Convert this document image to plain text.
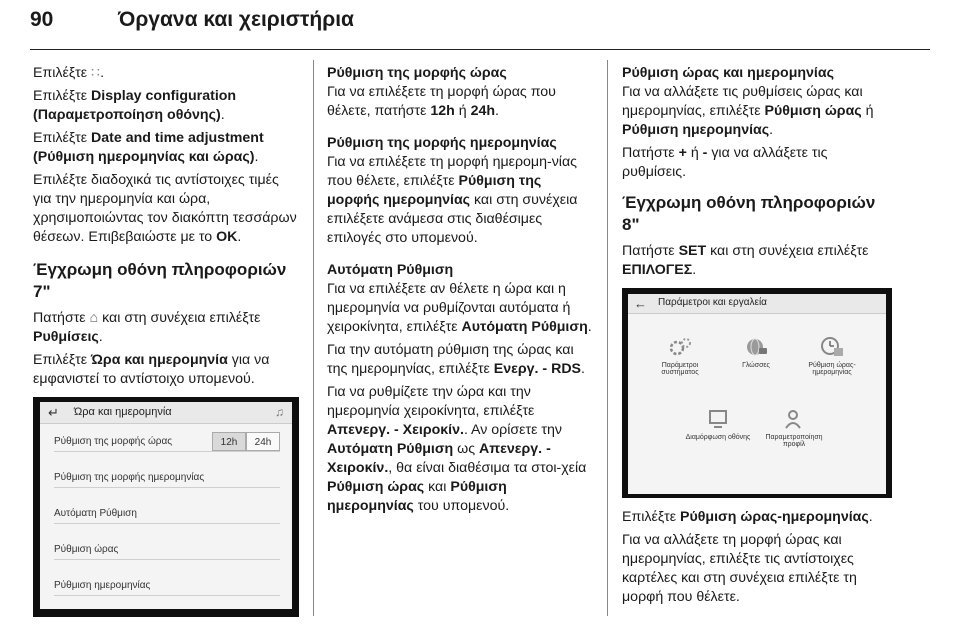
90	Όργανα και χειριστήρια

Επιλέξτε ∷.

Επιλέξτε Display configuration (Παραμετροποίηση οθόνης).

Επιλέξτε Date and time adjustment (Ρύθμιση ημερομηνίας και ώρας).

Επιλέξτε διαδοχικά τις αντίστοιχες τιμές για την ημερομηνία και ώρα, χρησιμοποιώντας τον διακόπτη τεσσάρων θέσεων. Επιβεβαιώστε με το OK.

Έγχρωμη οθόνη πληροφοριών 7"

Πατήστε ⌂ και στη συνέχεια επιλέξτε Ρυθμίσεις.

Επιλέξτε Ώρα και ημερομηνία για να εμφανιστεί το αντίστοιχο υπομενού.

↵ Ώρα και ημερομηνία	♫
Ρύθμιση της μορφής ώρας	12h	24h
Ρύθμιση της μορφής ημερομηνίας
Αυτόματη Ρύθμιση
Ρύθμιση ώρας
Ρύθμιση ημερομηνίας
Ρύθμιση της μορφής ώρας

Για να επιλέξετε τη μορφή ώρας που θέλετε, πατήστε 12h ή 24h.

Ρύθμιση της μορφής ημερομηνίας

Για να επιλέξετε τη μορφή ημερομη-νίας που θέλετε, επιλέξτε Ρύθμιση της μορφής ημερομηνίας και στη συνέχεια επιλέξετε ανάμεσα στις διαθέσιμες επιλογές στο υπομενού.

Αυτόματη Ρύθμιση

Για να επιλέξετε αν θέλετε η ώρα και η ημερομηνία να ρυθμίζονται αυτόματα ή χειροκίνητα, επιλέξτε Αυτόματη Ρύθμιση.

Για την αυτόματη ρύθμιση της ώρας και της ημερομηνίας, επιλέξτε Ενεργ. - RDS.

Για να ρυθμίζετε την ώρα και την ημερομηνία χειροκίνητα, επιλέξτε Απενεργ. - Χειροκίν.. Αν ορίσετε την Αυτόματη Ρύθμιση ως Απενεργ. - Χειροκίν., θα είναι διαθέσιμα τα στοι-χεία Ρύθμιση ώρας και Ρύθμιση ημερομηνίας του υπομενού.

Ρύθμιση ώρας και ημερομηνίας

Για να αλλάξετε τις ρυθμίσεις ώρας και ημερομηνίας, επιλέξτε Ρύθμιση ώρας ή Ρύθμιση ημερομηνίας.

Πατήστε + ή - για να αλλάξετε τις ρυθμίσεις.

Έγχρωμη οθόνη πληροφοριών 8"

Πατήστε SET και στη συνέχεια επιλέξτε ΕΠΙΛΟΓΕΣ.

← Παράμετροι και εργαλεία
Παράμετροι συστήματος
Γλώσσες	Ρύθμιση ώρας-ημερομηνίας
Διαμόρφωση οθόνης	Παραμετροποίηση προφίλ

Επιλέξτε Ρύθμιση ώρας-ημερομηνίας.

Για να αλλάξετε τη μορφή ώρας και ημερομηνίας, επιλέξτε τις αντίστοιχες καρτέλες και στη συνέχεια επιλέξτε τη μορφή που θέλετε.
